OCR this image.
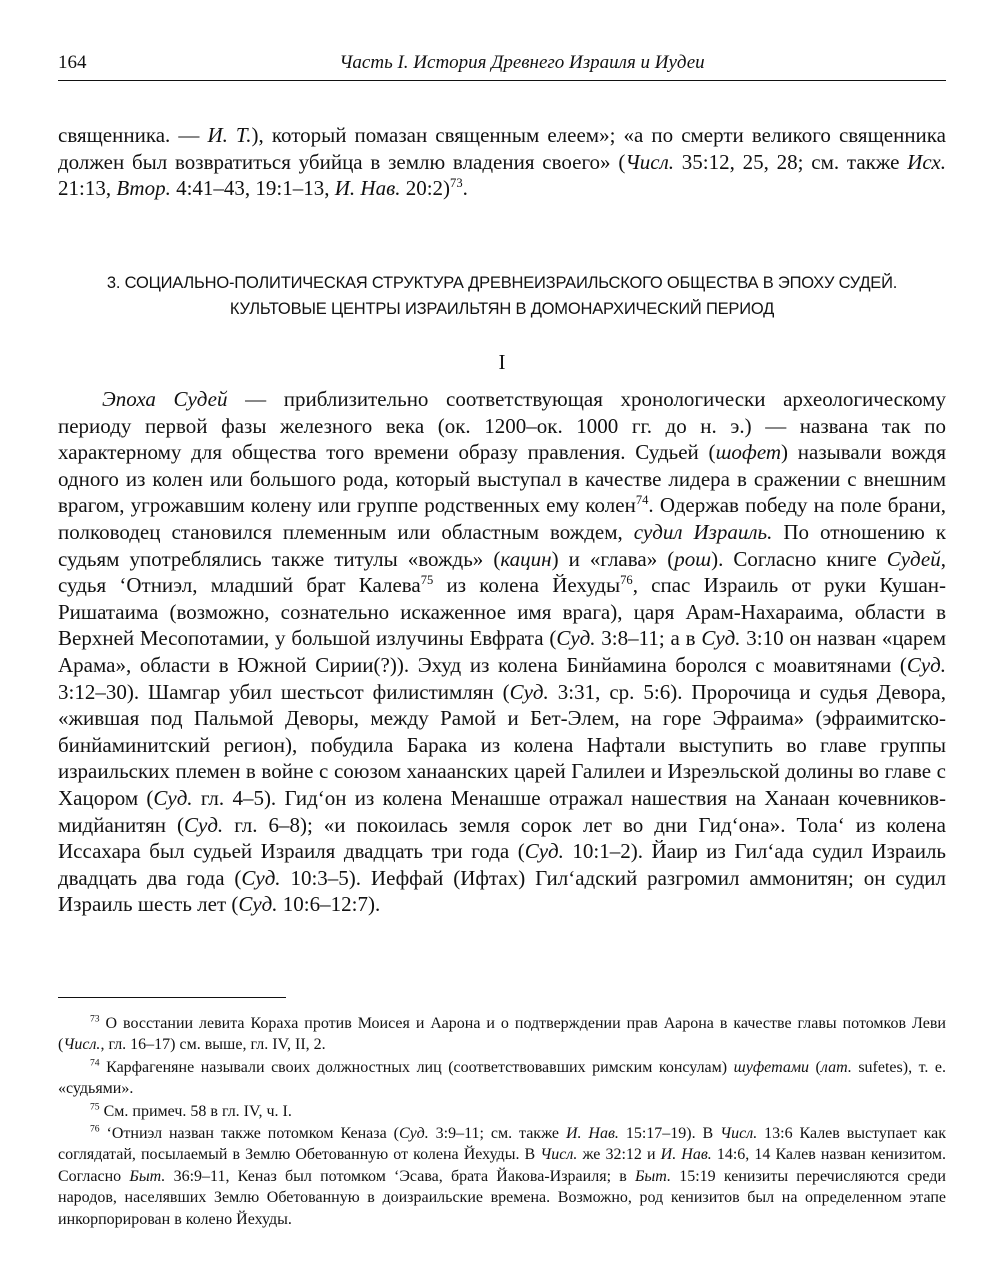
164	Часть I. История Древнего Израиля и Иудеи

священника. — И. Т.), который помазан священным елеем»; «а по смерти великого священника должен был возвратиться убийца в землю владения своего» (Числ. 35:12, 25, 28; см. также Исх. 21:13, Втор. 4:41–43, 19:1–13, И. Нав. 20:2)$^{73}$.

3. СОЦИАЛЬНО-ПОЛИТИЧЕСКАЯ СТРУКТУРА ДРЕВНЕИЗРАИЛЬСКОГО ОБЩЕСТВА В ЭПОХУ СУДЕЙ.
КУЛЬТОВЫЕ ЦЕНТРЫ ИЗРАИЛЬТЯН В ДОМОНАРХИЧЕСКИЙ ПЕРИОД
I

Эпоха Судей — приблизительно соответствующая хронологически археологическому периоду первой фазы железного века (ок. 1200–ок. 1000 гг. до н. э.) — названа так по характерному для общества того времени образу правления. Судьей (шофет) называли вождя одного из колен или большого рода, который выступал в качестве лидера в сражении с внешним врагом, угрожавшим колену или группе родственных ему колен$^{74}$. Одержав победу на поле брани, полководец становился племенным или областным вождем, судил Израиль. По отношению к судьям употреблялись также титулы «вождь» (кацин) и «глава» (рош). Согласно книге Судей, судья ‘Отниэл, младший брат Калева$^{75}$ из колена Йехуды$^{76}$, спас Израиль от руки Кушан-Ришатаима (возможно, сознательно искаженное имя врага), царя Арам-Нахараима, области в Верхней Месопотамии, у большой излучины Евфрата (Суд. 3:8–11; а в Суд. 3:10 он назван «царем Арама», области в Южной Сирии(?)). Эхуд из колена Бинйамина боролся с моавитянами (Суд. 3:12–30). Шамгар убил шестьсот филистимлян (Суд. 3:31, ср. 5:6). Пророчица и судья Девора, «жившая под Пальмой Деворы, между Рамой и Бет-Элем, на горе Эфраима» (эфраимитско-бинйаминитский регион), побудила Барака из колена Нафтали выступить во главе группы израильских племен в войне с союзом ханаанских царей Галилеи и Изреэльской долины во главе с Хацором (Суд. гл. 4–5). Гид‘он из колена Менашше отражал нашествия на Ханаан кочевников-мидйанитян (Суд. гл. 6–8); «и покоилась земля сорок лет во дни Гид‘она». Тола‘ из колена Иссахара был судьей Израиля двадцать три года (Суд. 10:1–2). Йаир из Гил‘ада судил Израиль двадцать два года (Суд. 10:3–5). Иеффай (Ифтах) Гил‘адский разгромил аммонитян; он судил Израиль шесть лет (Суд. 10:6–12:7).

$^{73}$ О восстании левита Кораха против Моисея и Аарона и о подтверждении прав Аарона в качестве главы потомков Леви (Числ., гл. 16–17) см. выше, гл. IV, II, 2.

$^{74}$ Карфагеняне называли своих должностных лиц (соответствовавших римским консулам) шуфетами (лат. sufetes), т. е. «судьями».

$^{75}$ См. примеч. 58 в гл. IV, ч. I.

$^{76}$ ‘Отниэл назван также потомком Кеназа (Суд. 3:9–11; см. также И. Нав. 15:17–19). В Числ. 13:6 Калев выступает как соглядатай, посылаемый в Землю Обетованную от колена Йехуды. В Числ. же 32:12 и И. Нав. 14:6, 14 Калев назван кенизитом. Согласно Быт. 36:9–11, Кеназ был потомком ‘Эсава, брата Йакова-Израиля; в Быт. 15:19 кенизиты перечисляются среди народов, населявших Землю Обетованную в доизраильские времена. Возможно, род кенизитов был на определенном этапе инкорпорирован в колено Йехуды.
